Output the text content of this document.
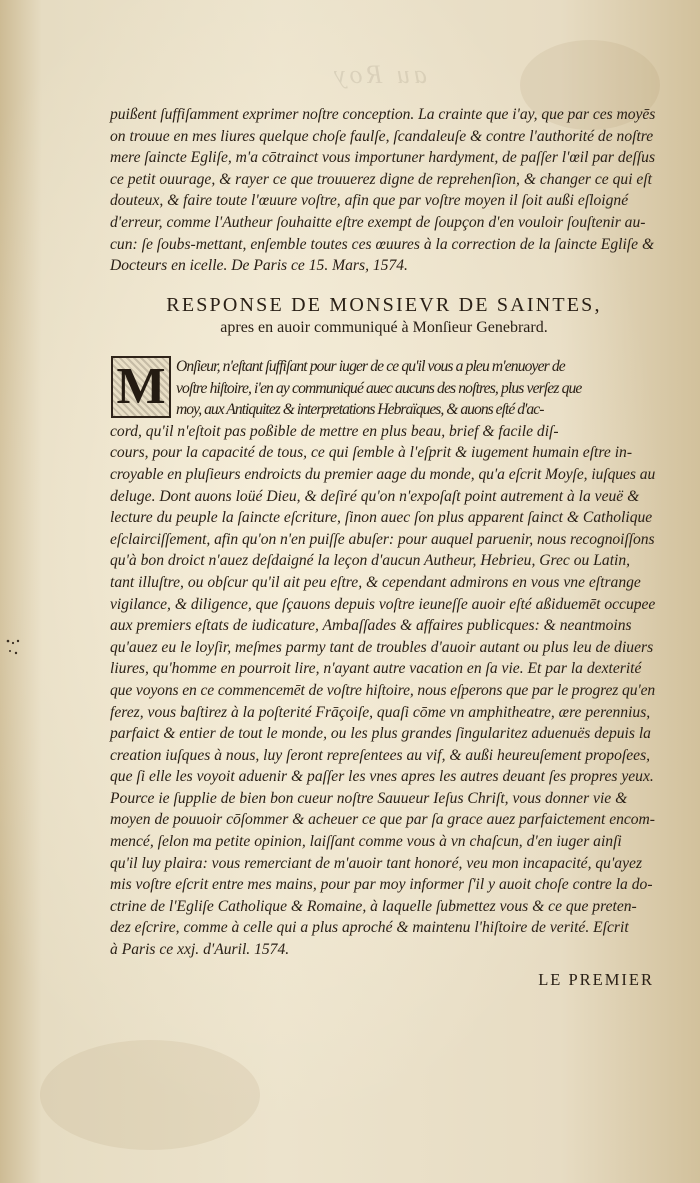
au Roy
puißent ſuffiſamment exprimer noſtre conception. La crainte que i'ay, que par ces moyēs
on trouue en mes liures quelque choſe faulſe, ſcandaleuſe & contre l'authorité de noſtre
mere ſaincte Egliſe, m'a cōtrainct vous importuner hardyment, de paſſer l'œil par deſſus
ce petit ouurage, & rayer ce que trouuerez digne de reprehenſion, & changer ce qui eſt
douteux, & faire toute l'œuure voſtre, afin que par voſtre moyen il ſoit außi eſloigné
d'erreur, comme l'Autheur ſouhaitte eſtre exempt de ſoupçon d'en vouloir ſouſtenir au-
cun: ſe ſoubs-mettant, enſemble toutes ces œuures à la correction de la ſaincte Egliſe &
Docteurs en icelle. De Paris ce 15. Mars, 1574.
RESPONSE DE MONSIEVR DE SAINTES,
apres en auoir communiqué à Monſieur Genebrard.
M Onſieur, n'eſtant ſuffiſant pour iuger de ce qu'il vous a pleu m'enuoyer de
voſtre hiſtoire, i'en ay communiqué auec aucuns des noſtres, plus verſez que
moy, aux Antiquitez & interpretations Hebraïques, & auons eſté d'ac-
cord, qu'il n'eſtoit pas poßible de mettre en plus beau, brief & facile diſ-
cours, pour la capacité de tous, ce qui ſemble à l'eſprit & iugement humain eſtre in-
croyable en pluſieurs endroicts du premier aage du monde, qu'a eſcrit Moyſe, iuſques au
deluge. Dont auons loüé Dieu, & deſiré qu'on n'expoſaſt point autrement à la veuë &
lecture du peuple la ſaincte eſcriture, ſinon auec ſon plus apparent ſainct & Catholique
eſclairciſſement, afin qu'on n'en puiſſe abuſer: pour auquel paruenir, nous recognoiſſons
qu'à bon droict n'auez deſdaigné la leçon d'aucun Autheur, Hebrieu, Grec ou Latin,
tant illuſtre, ou obſcur qu'il ait peu eſtre, & cependant admirons en vous vne eſtrange
vigilance, & diligence, que ſçauons depuis voſtre ieuneſſe auoir eſté aßiduemēt occupee
aux premiers eſtats de iudicature, Ambaſſades & affaires publicques: & neantmoins
qu'auez eu le loyſir, meſmes parmy tant de troubles d'auoir autant ou plus leu de diuers
liures, qu'homme en pourroit lire, n'ayant autre vacation en ſa vie. Et par la dexterité
que voyons en ce commencemēt de voſtre hiſtoire, nous eſperons que par le progrez qu'en
ferez, vous baſtirez à la poſterité Frāçoiſe, quaſi cōme vn amphitheatre, ære perennius,
parfaict & entier de tout le monde, ou les plus grandes ſingularitez aduenuës depuis la
creation iuſques à nous, luy ſeront repreſentees au vif, & außi heureuſement propoſees,
que ſi elle les voyoit aduenir & paſſer les vnes apres les autres deuant ſes propres yeux.
Pource ie ſupplie de bien bon cueur noſtre Sauueur Ieſus Chriſt, vous donner vie &
moyen de pouuoir cōſommer & acheuer ce que par ſa grace auez parfaictement encom-
mencé, ſelon ma petite opinion, laiſſant comme vous à vn chaſcun, d'en iuger ainſi
qu'il luy plaira: vous remerciant de m'auoir tant honoré, veu mon incapacité, qu'ayez
mis voſtre eſcrit entre mes mains, pour par moy informer ſ'il y auoit choſe contre la do-
ctrine de l'Egliſe Catholique & Romaine, à laquelle ſubmettez vous & ce que preten-
dez eſcrire, comme à celle qui a plus aproché & maintenu l'hiſtoire de verité. Eſcrit
à Paris ce xxj. d'Auril. 1574.
LE PREMIER
